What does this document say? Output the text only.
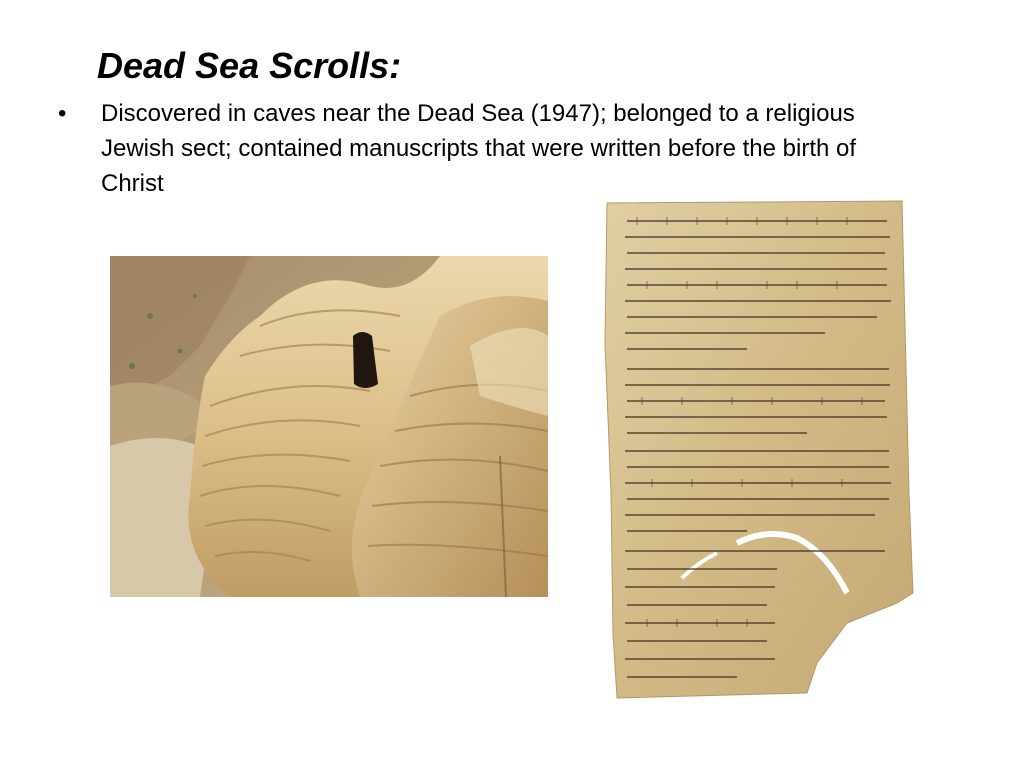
Dead Sea Scrolls:
•	Discovered in caves near the Dead Sea (1947); belonged to a religious Jewish sect; contained manuscripts that were written before the birth of Christ
